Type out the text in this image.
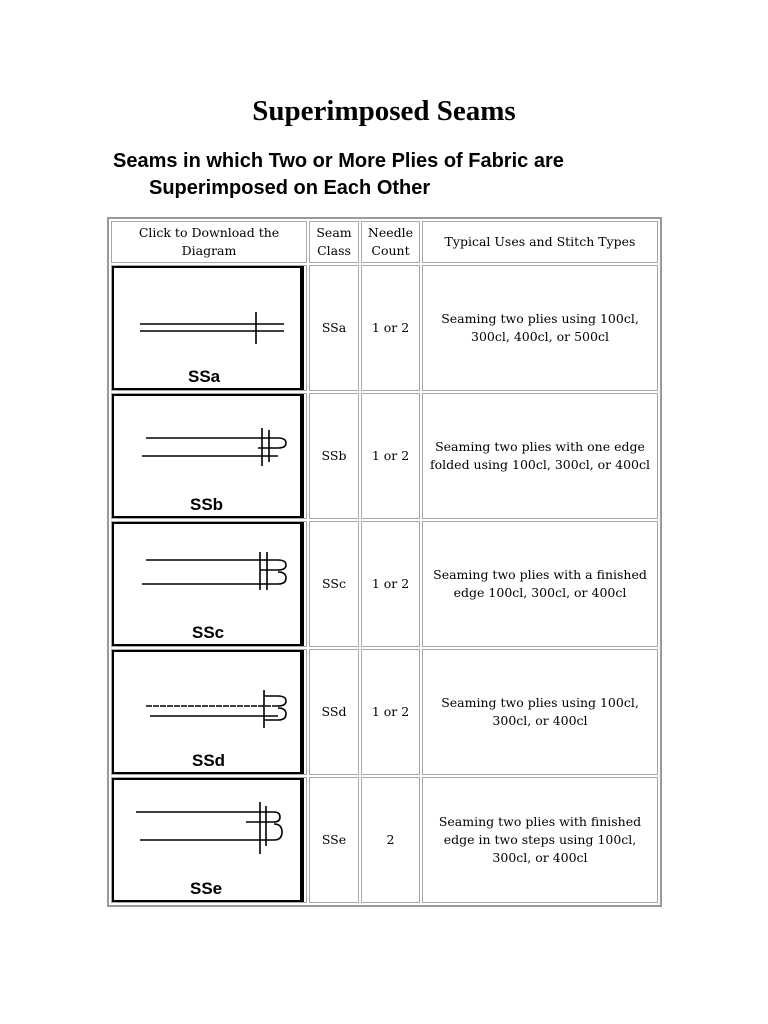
Superimposed Seams
Seams in which Two or More Plies of Fabric are
Superimposed on Each Other
Click to Download the Diagram	Seam Class	Needle Count	Typical Uses and Stitch Types

SSa	SSa	1 or 2	Seaming two plies using 100cl, 300cl, 400cl, or 500cl

SSb	SSb	1 or 2	Seaming two plies with one edge folded using 100cl, 300cl, or 400cl

SSc	SSc	1 or 2	Seaming two plies with a finished edge 100cl, 300cl, or 400cl

SSd	SSd	1 or 2	Seaming two plies using 100cl, 300cl, or 400cl

SSe	SSe	2	Seaming two plies with finished edge in two steps using 100cl, 300cl, or 400cl
